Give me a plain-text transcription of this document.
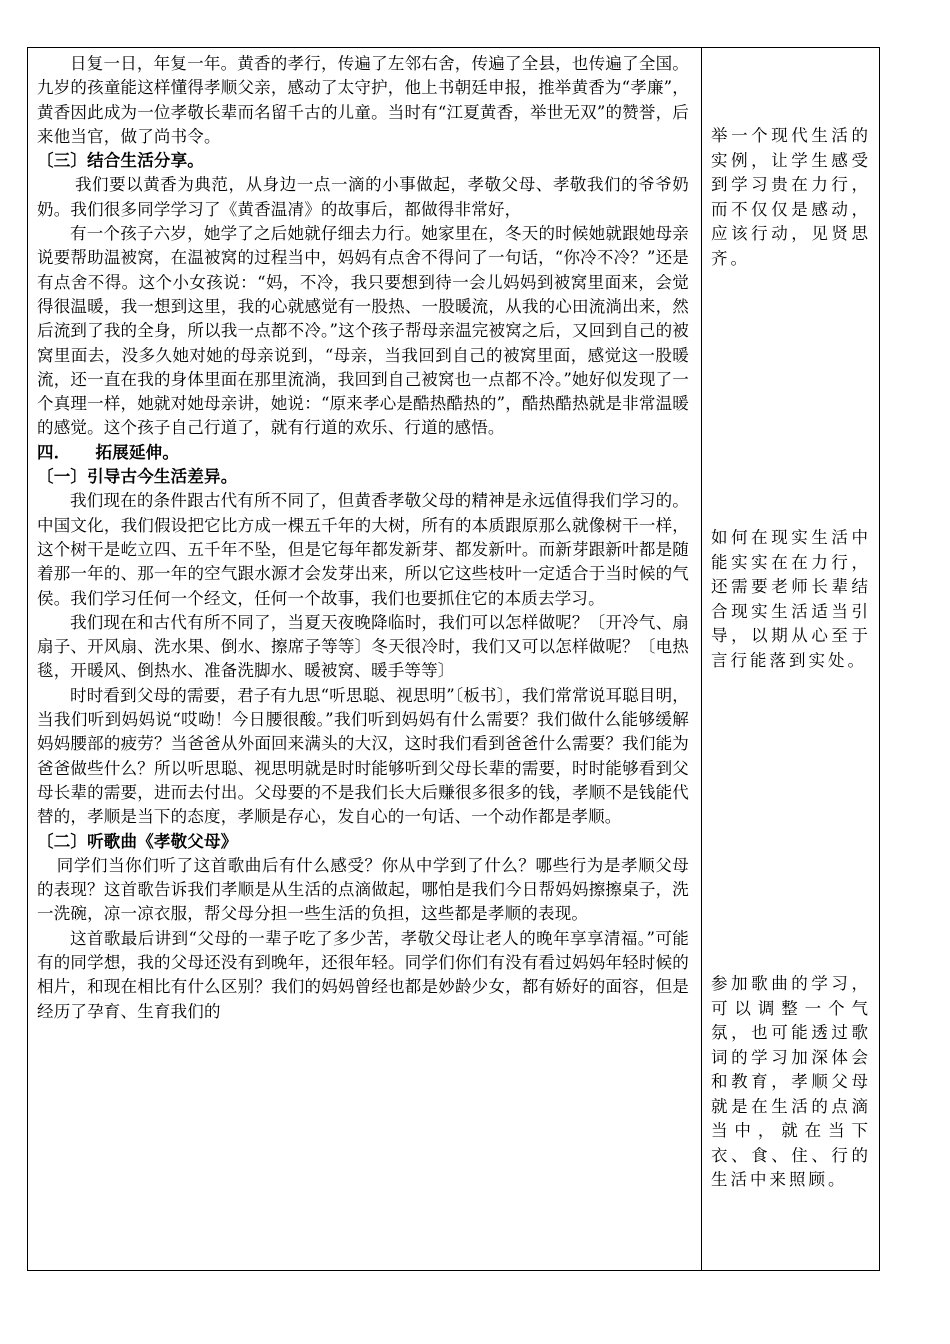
日复一日，年复一年。黄香的孝行，传遍了左邻右舍，传遍了全县，也传遍了全国。九岁的孩童能这样懂得孝顺父亲，感动了太守护，他上书朝廷申报，推举黄香为“孝廉”，黄香因此成为一位孝敬长辈而名留千古的儿童。当时有“江夏黄香，举世无双”的赞誉，后来他当官，做了尚书令。

〔三〕结合生活分享。

我们要以黄香为典范，从身边一点一滴的小事做起，孝敬父母、孝敬我们的爷爷奶奶。我们很多同学学习了《黄香温凊》的故事后，都做得非常好，

有一个孩子六岁，她学了之后她就仔细去力行。她家里在，冬天的时候她就跟她母亲说要帮助温被窝，在温被窝的过程当中，妈妈有点舍不得问了一句话，“你冷不冷？”还是有点舍不得。这个小女孩说：“妈，不冷，我只要想到待一会儿妈妈到被窝里面来，会觉得很温暖，我一想到这里，我的心就感觉有一股热、一股暖流，从我的心田流淌出来，然后流到了我的全身，所以我一点都不冷。”这个孩子帮母亲温完被窝之后，又回到自己的被窝里面去，没多久她对她的母亲说到，“母亲，当我回到自己的被窝里面，感觉这一股暖流，还一直在我的身体里面在那里流淌，我回到自己被窝也一点都不冷。”她好似发现了一个真理一样，她就对她母亲讲，她说：“原来孝心是酷热酷热的”，酷热酷热就是非常温暖的感觉。这个孩子自己行道了，就有行道的欢乐、行道的感悟。

四．　　拓展延伸。

〔一〕引导古今生活差异。

我们现在的条件跟古代有所不同了，但黄香孝敬父母的精神是永远值得我们学习的。中国文化，我们假设把它比方成一棵五千年的大树，所有的本质跟原那么就像树干一样，这个树干是屹立四、五千年不坠，但是它每年都发新芽、都发新叶。而新芽跟新叶都是随着那一年的、那一年的空气跟水源才会发芽出来，所以它这些枝叶一定适合于当时候的气侯。我们学习任何一个经文，任何一个故事，我们也要抓住它的本质去学习。

我们现在和古代有所不同了，当夏天夜晚降临时，我们可以怎样做呢？〔开冷气、扇扇子、开风扇、洗水果、倒水、擦席子等等〕冬天很冷时，我们又可以怎样做呢？〔电热毯，开暖风、倒热水、准备洗脚水、暖被窝、暖手等等〕

时时看到父母的需要，君子有九思“听思聪、视思明”〔板书〕，我们常常说耳聪目明，当我们听到妈妈说“哎呦！今日腰很酸。”我们听到妈妈有什么需要？我们做什么能够缓解妈妈腰部的疲劳？当爸爸从外面回来满头的大汉，这时我们看到爸爸什么需要？我们能为爸爸做些什么？所以听思聪、视思明就是时时能够听到父母长辈的需要，时时能够看到父母长辈的需要，进而去付出。父母要的不是我们长大后赚很多很多的钱，孝顺不是钱能代替的，孝顺是当下的态度，孝顺是存心，发自心的一句话、一个动作都是孝顺。

〔二〕听歌曲《孝敬父母》

同学们当你们听了这首歌曲后有什么感受？你从中学到了什么？哪些行为是孝顺父母的表现？这首歌告诉我们孝顺是从生活的点滴做起，哪怕是我们今日帮妈妈擦擦桌子，洗一洗碗，凉一凉衣服，帮父母分担一些生活的负担，这些都是孝顺的表现。

这首歌最后讲到“父母的一辈子吃了多少苦，孝敬父母让老人的晚年享享清福。”可能有的同学想，我的父母还没有到晚年，还很年轻。同学们你们有没有看过妈妈年轻时候的相片，和现在相比有什么区别？我们的妈妈曾经也都是妙龄少女，都有娇好的面容，但是经历了孕育、生育我们的

举一个现代生活的实例，让学生感受到学习贵在力行，而不仅仅是感动，应该行动，见贤思齐。

如何在现实生活中能实实在在力行，还需要老师长辈结合现实生活适当引导，以期从心至于言行能落到实处。

参加歌曲的学习，可以调整一个气氛，也可能透过歌词的学习加深体会和教育，孝顺父母就是在生活的点滴当中，就在当下衣、食、住、行的生活中来照顾。
